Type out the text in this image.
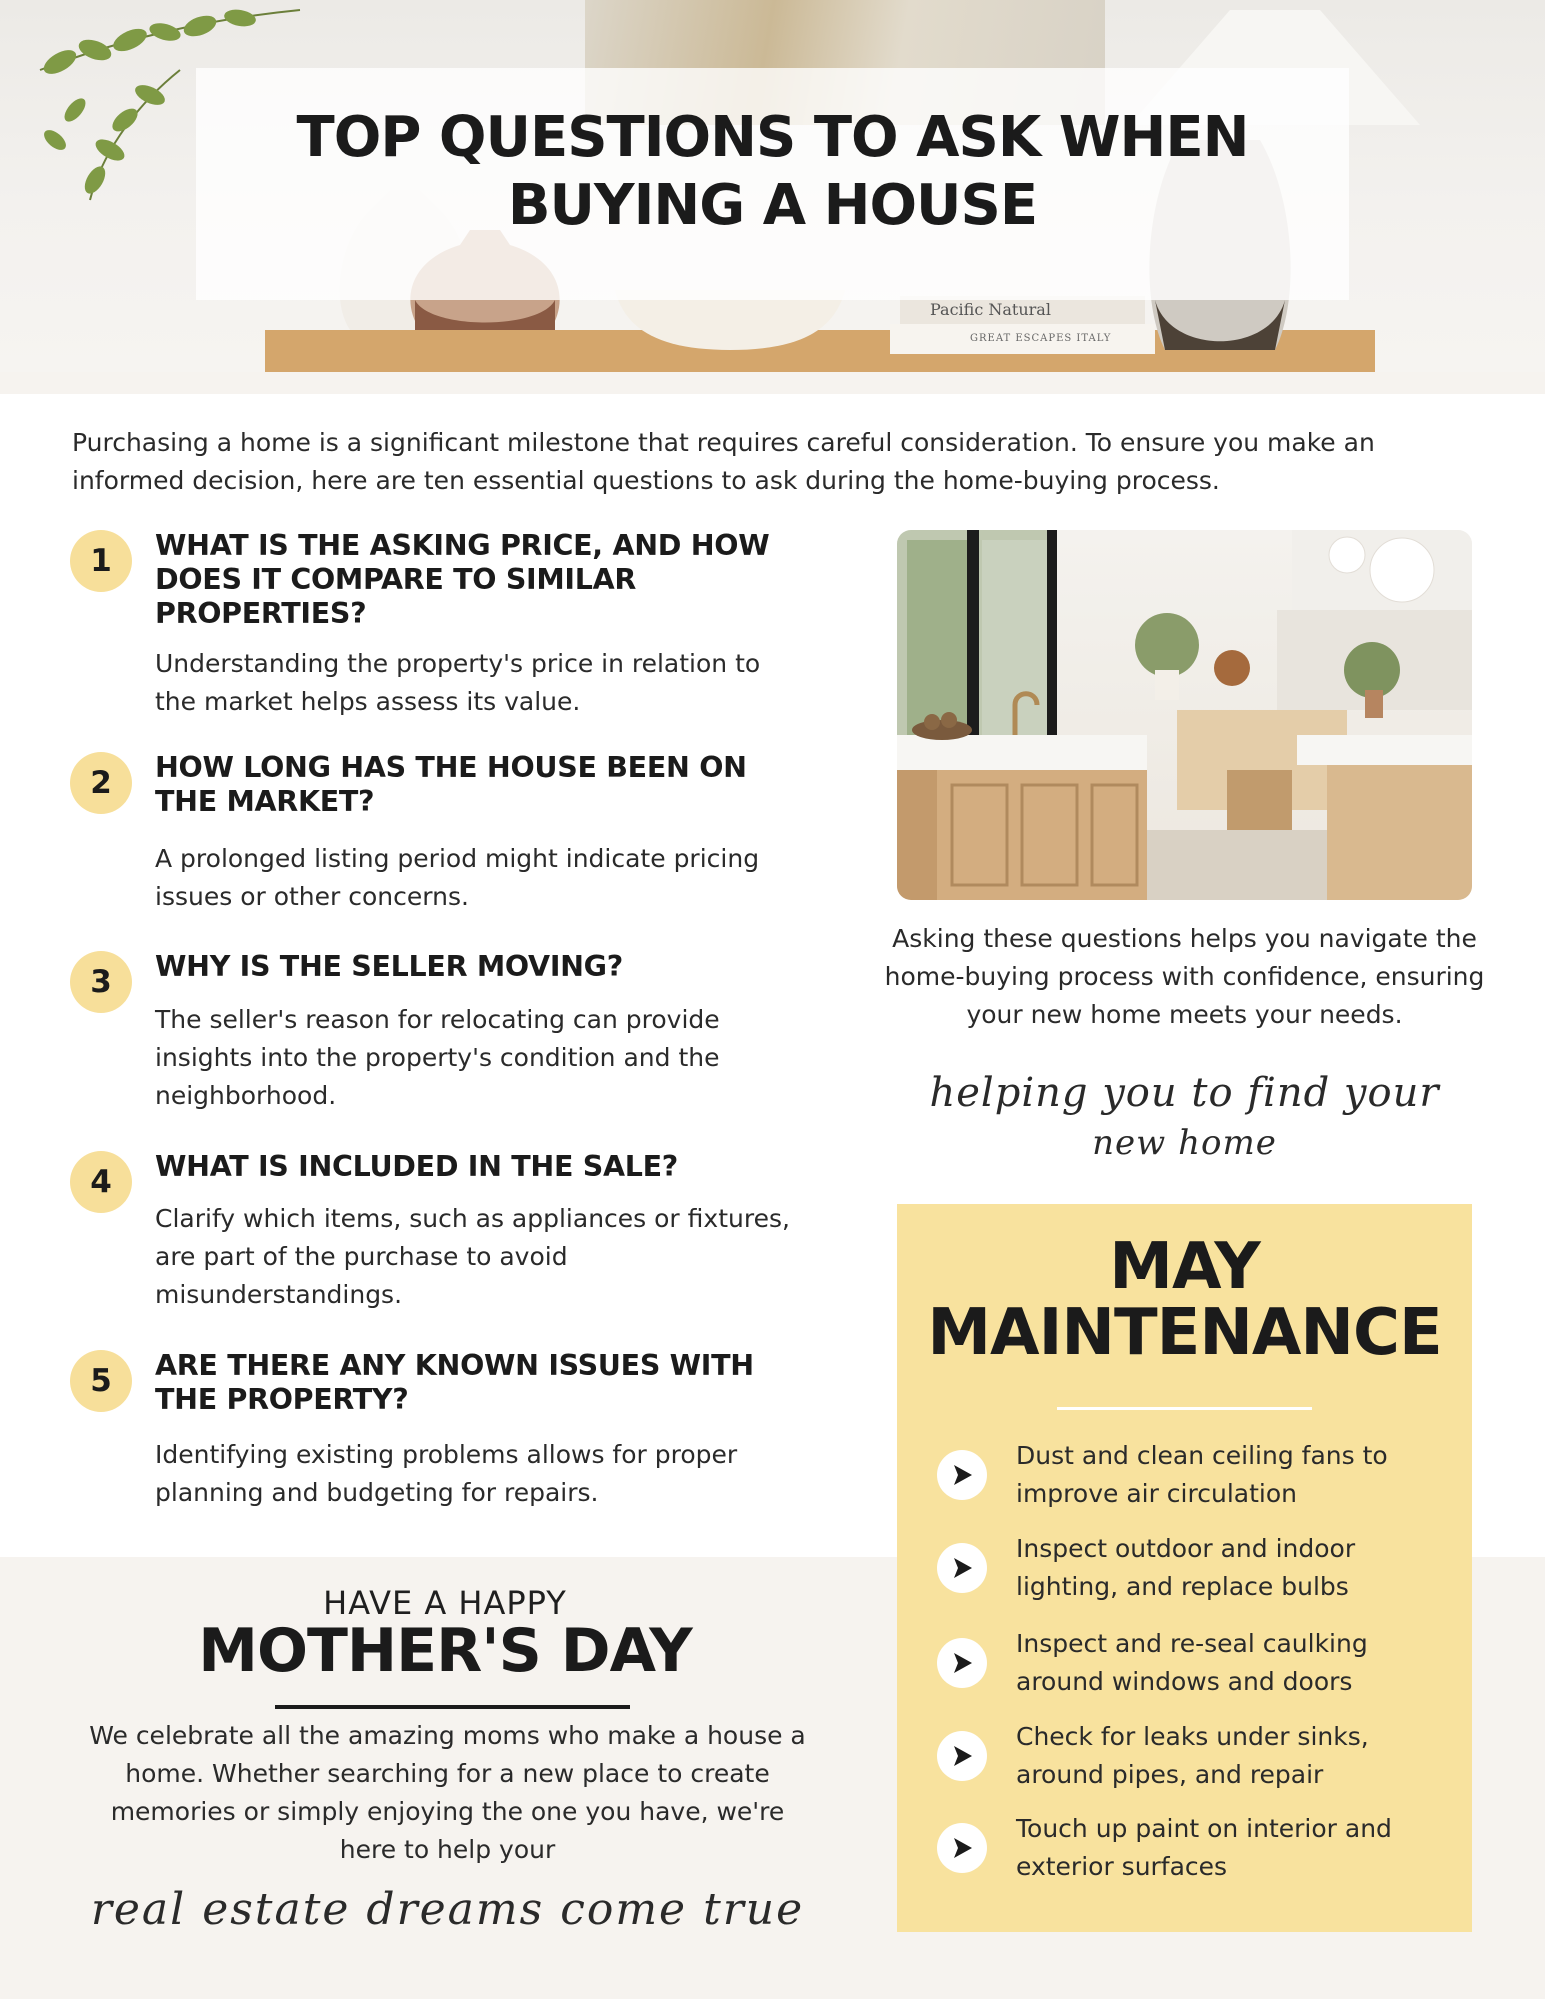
TOP QUESTIONS TO ASK WHEN
BUYING A HOUSE
Pacific Natural
GREAT ESCAPES ITALY
Purchasing a home is a significant milestone that requires careful consideration. To ensure you make an informed decision, here are ten essential questions to ask during the home-buying process.
1	WHAT IS THE ASKING PRICE, AND HOW DOES IT COMPARE TO SIMILAR PROPERTIES?
Understanding the property's price in relation to the market helps assess its value.
2	HOW LONG HAS THE HOUSE BEEN ON THE MARKET?
A prolonged listing period might indicate pricing issues or other concerns.
3	WHY IS THE SELLER MOVING?
The seller's reason for relocating can provide insights into the property's condition and the neighborhood.
4	WHAT IS INCLUDED IN THE SALE?
Clarify which items, such as appliances or fixtures, are part of the purchase to avoid misunderstandings.
5	ARE THERE ANY KNOWN ISSUES WITH THE PROPERTY?
Identifying existing problems allows for proper planning and budgeting for repairs.
Asking these questions helps you navigate the home-buying process with confidence, ensuring your new home meets your needs.
helping you to find your
new home
HAVE A HAPPY
MOTHER'S DAY
We celebrate all the amazing moms who make a house a home. Whether searching for a new place to create memories or simply enjoying the one you have, we're here to help your
real estate dreams come true
MAY
MAINTENANCE
Dust and clean ceiling fans to improve air circulation
Inspect outdoor and indoor lighting, and replace bulbs
Inspect and re-seal caulking around windows and doors
Check for leaks under sinks, around pipes, and repair
Touch up paint on interior and exterior surfaces
